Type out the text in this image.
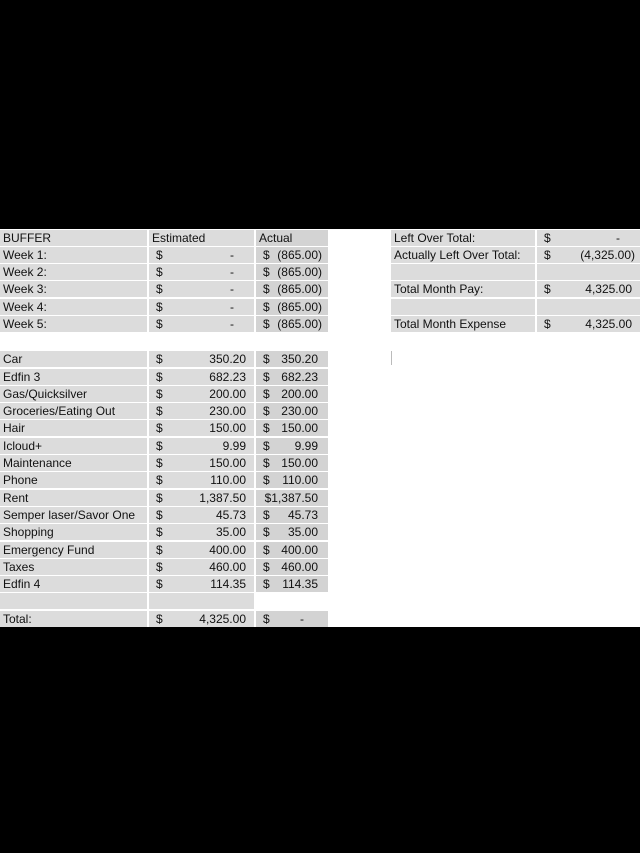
BUFFER	Estimated	Actual
Week 1:	$	- $ (865.00)
Week 2:	$	- $ (865.00)
Week 3:	$	- $ (865.00)
Week 4:	$	- $ (865.00)
Week 5:	$	- $ (865.00)
Left Over Total:	$	-
Actually Left Over Total:	$ (4,325.00)
Total Month Pay:	$	4,325.00
Total Month Expense	$	4,325.00
Car	$	350.20 $ 350.20
Edfin 3	$	682.23 $ 682.23
Gas/Quicksilver	$	200.00 $ 200.00
Groceries/Eating Out	$	230.00 $ 230.00
Hair	$	150.00 $ 150.00
Icloud+	$	9.99 $ 9.99
Maintenance	$	150.00 $ 150.00
Phone	$	110.00 $ 110.00
Rent	$	1,387.50 $1,387.50
Semper laser/Savor One	$	45.73 $ 45.73
Shopping	$	35.00 $ 35.00
Emergency Fund	$	400.00 $ 400.00
Taxes	$	460.00 $ 460.00
Edfin 4	$	114.35 $ 114.35
Total:	$	4,325.00 $	-
